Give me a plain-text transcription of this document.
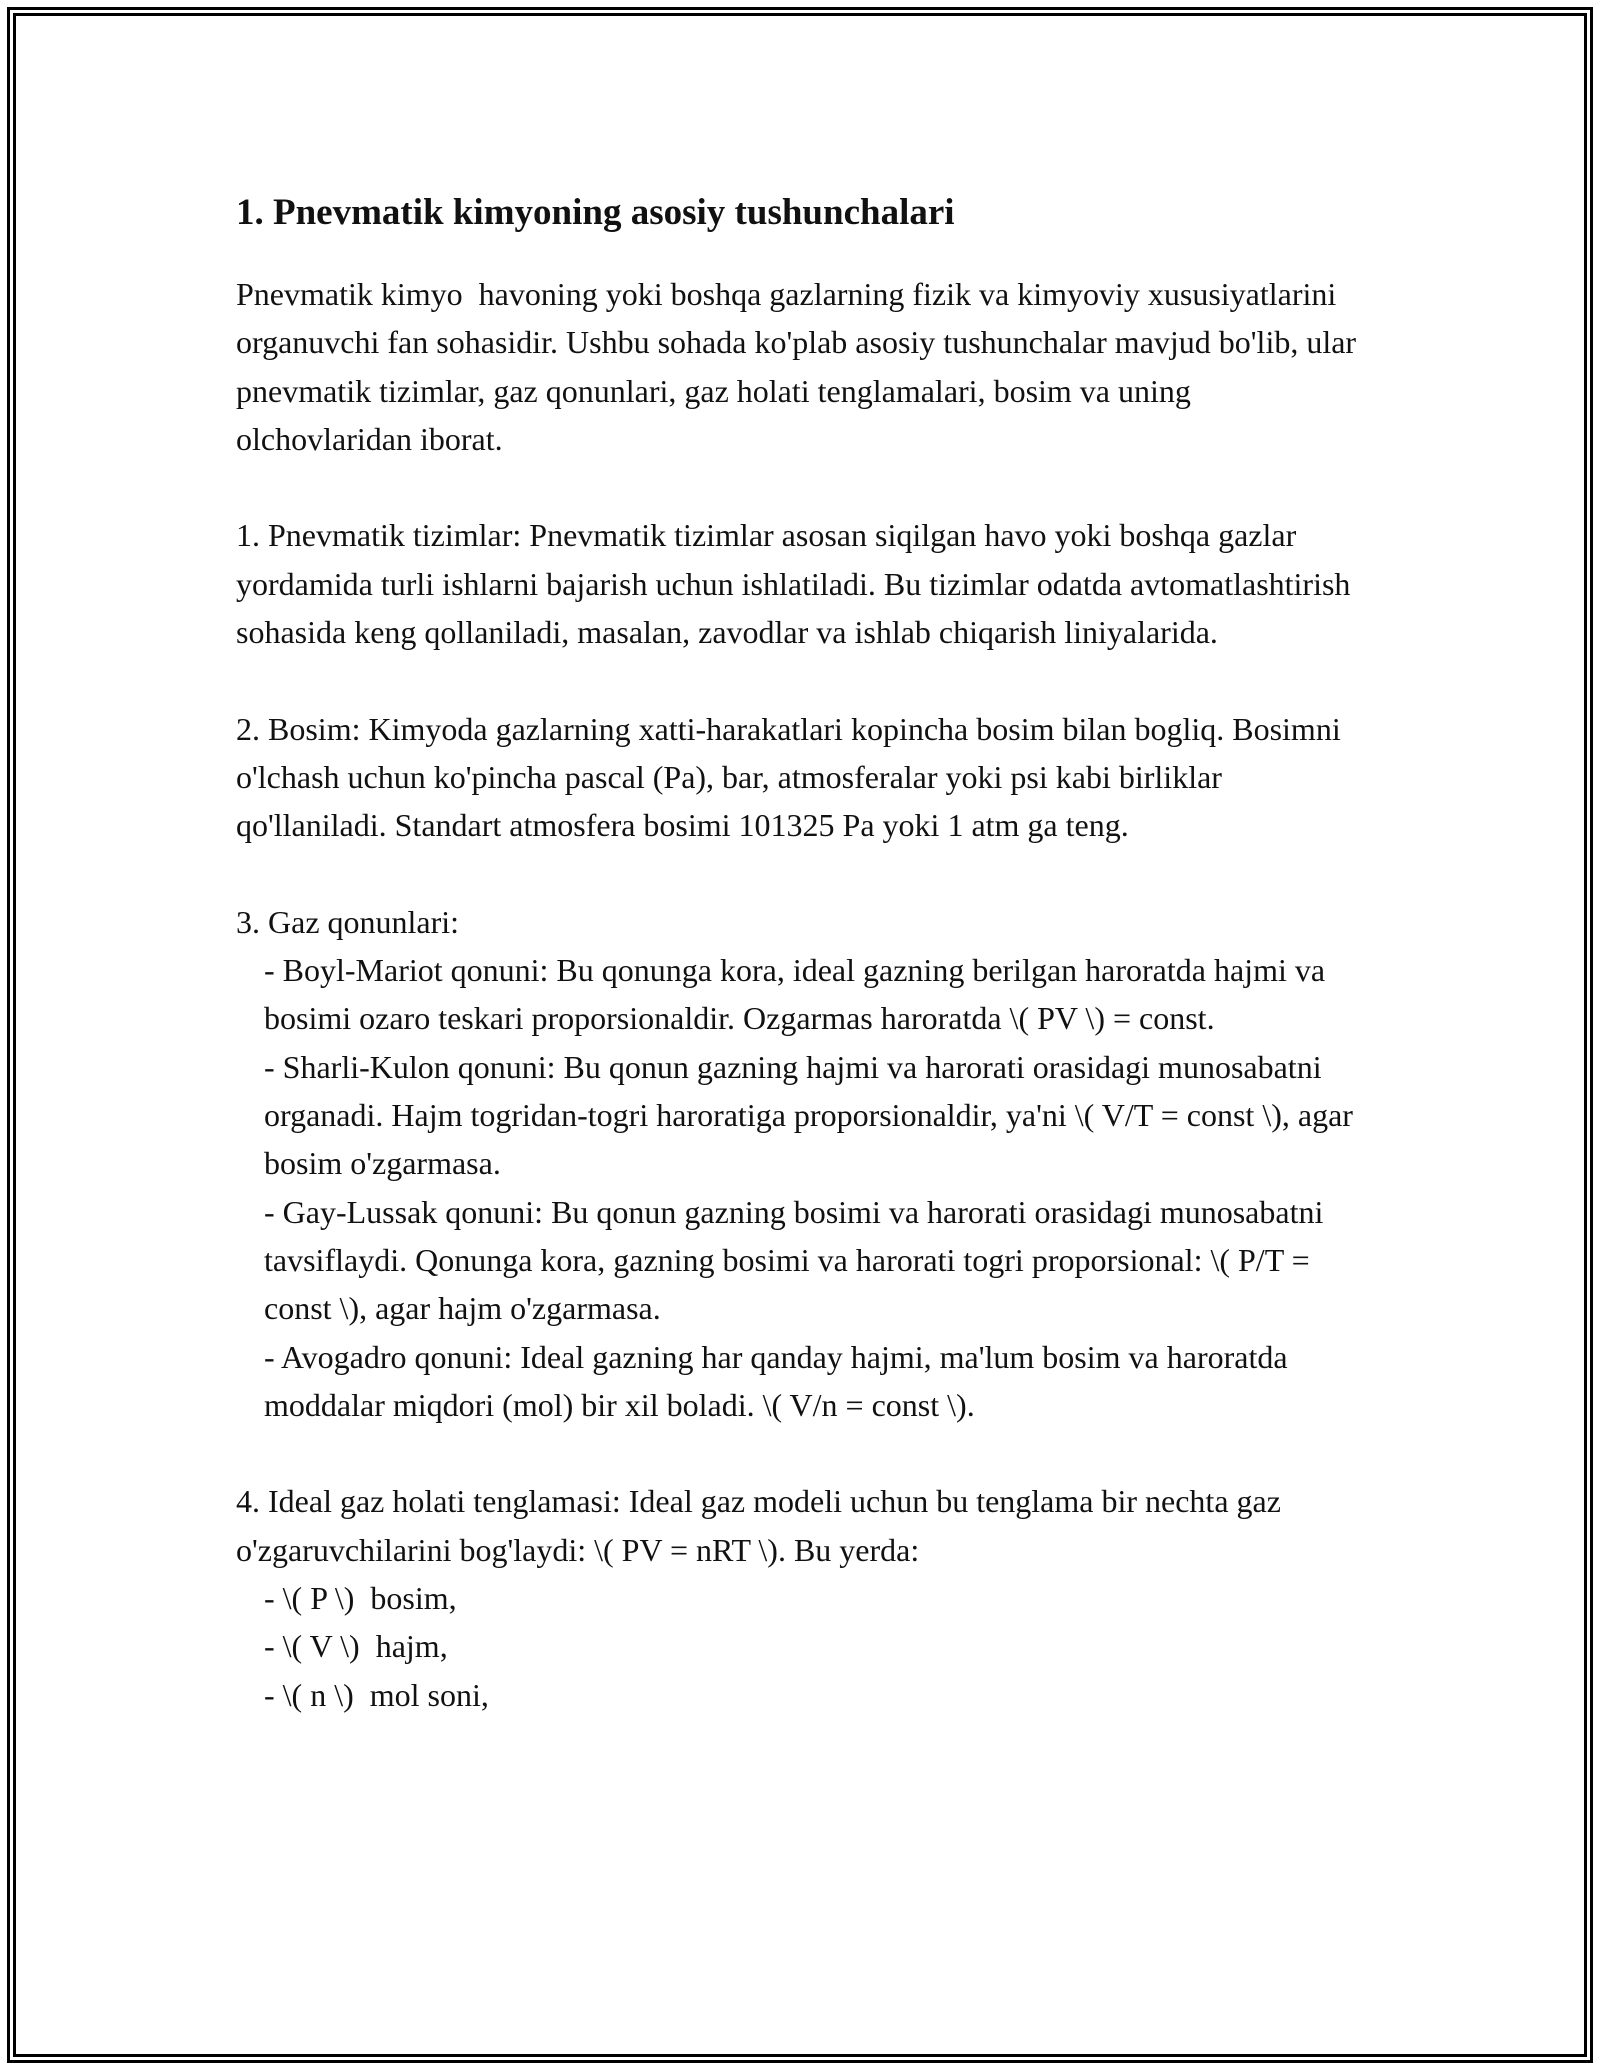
1. Pnevmatik kimyoning asosiy tushunchalari

Pnevmatik kimyo  havoning yoki boshqa gazlarning fizik va kimyoviy xususiyatlarini organuvchi fan sohasidir. Ushbu sohada ko'plab asosiy tushunchalar mavjud bo'lib, ular pnevmatik tizimlar, gaz qonunlari, gaz holati tenglamalari, bosim va uning olchovlaridan iborat.

1. Pnevmatik tizimlar: Pnevmatik tizimlar asosan siqilgan havo yoki boshqa gazlar yordamida turli ishlarni bajarish uchun ishlatiladi. Bu tizimlar odatda avtomatlashtirish sohasida keng qollaniladi, masalan, zavodlar va ishlab chiqarish liniyalarida.

2. Bosim: Kimyoda gazlarning xatti-harakatlari kopincha bosim bilan bogliq. Bosimni o'lchash uchun ko'pincha pascal (Pa), bar, atmosferalar yoki psi kabi birliklar qo'llaniladi. Standart atmosfera bosimi 101325 Pa yoki 1 atm ga teng.

3. Gaz qonunlari:

- Boyl-Mariot qonuni: Bu qonunga kora, ideal gazning berilgan haroratda hajmi va bosimi ozaro teskari proporsionaldir. Ozgarmas haroratda \( PV \) = const.

- Sharli-Kulon qonuni: Bu qonun gazning hajmi va harorati orasidagi munosabatni organadi. Hajm togridan-togri haroratiga proporsionaldir, ya'ni \( V/T = const \), agar bosim o'zgarmasa.

- Gay-Lussak qonuni: Bu qonun gazning bosimi va harorati orasidagi munosabatni tavsiflaydi. Qonunga kora, gazning bosimi va harorati togri proporsional: \( P/T = const \), agar hajm o'zgarmasa.

- Avogadro qonuni: Ideal gazning har qanday hajmi, ma'lum bosim va haroratda moddalar miqdori (mol) bir xil boladi. \( V/n = const \).

4. Ideal gaz holati tenglamasi: Ideal gaz modeli uchun bu tenglama bir nechta gaz o'zgaruvchilarini bog'laydi: \( PV = nRT \). Bu yerda:

- \( P \)  bosim,

- \( V \)  hajm,

- \( n \)  mol soni,
